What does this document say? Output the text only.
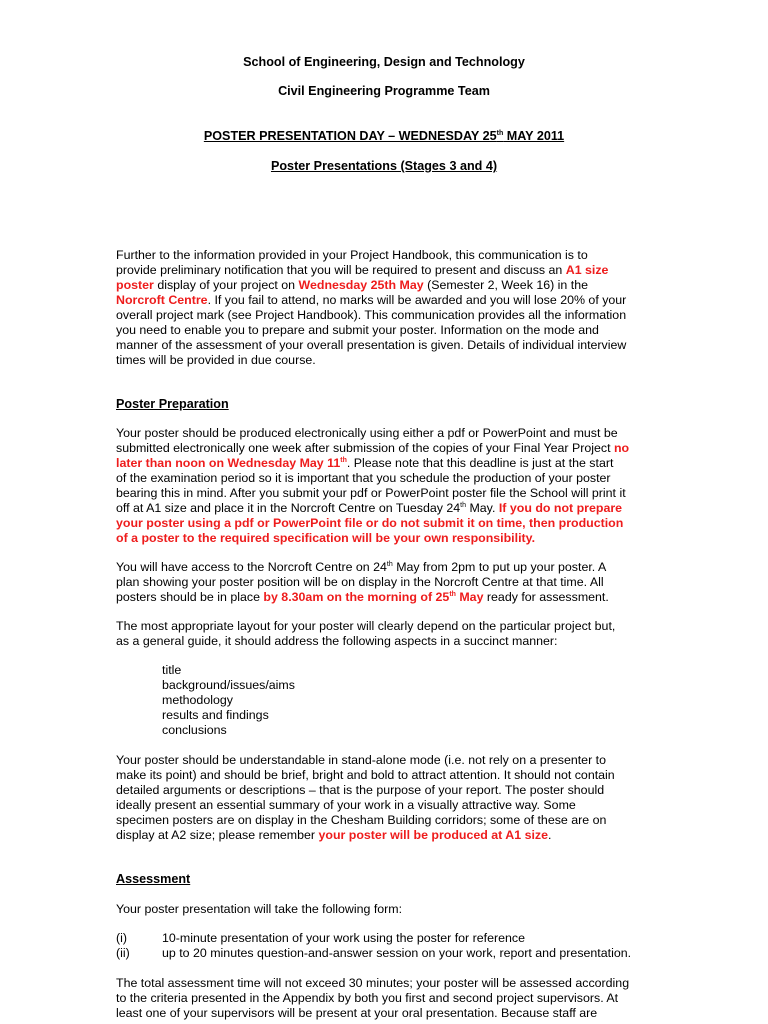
School of Engineering, Design and Technology
Civil Engineering Programme Team
POSTER PRESENTATION DAY – WEDNESDAY 25th MAY 2011
Poster Presentations (Stages 3 and 4)
Further to the information provided in your Project Handbook, this communication is to
provide preliminary notification that you will be required to present and discuss an A1 size
poster display of your project on Wednesday 25th May (Semester 2, Week 16) in the
Norcroft Centre. If you fail to attend, no marks will be awarded and you will lose 20% of your
overall project mark (see Project Handbook). This communication provides all the information
you need to enable you to prepare and submit your poster. Information on the mode and
manner of the assessment of your overall presentation is given. Details of individual interview
times will be provided in due course.
Poster Preparation
Your poster should be produced electronically using either a pdf or PowerPoint and must be
submitted electronically one week after submission of the copies of your Final Year Project no
later than noon on Wednesday May 11th. Please note that this deadline is just at the start
of the examination period so it is important that you schedule the production of your poster
bearing this in mind. After you submit your pdf or PowerPoint poster file the School will print it
off at A1 size and place it in the Norcroft Centre on Tuesday 24th May. If you do not prepare
your poster using a pdf or PowerPoint file or do not submit it on time, then production
of a poster to the required specification will be your own responsibility.
You will have access to the Norcroft Centre on 24th May from 2pm to put up your poster. A
plan showing your poster position will be on display in the Norcroft Centre at that time. All
posters should be in place by 8.30am on the morning of 25th May ready for assessment.
The most appropriate layout for your poster will clearly depend on the particular project but,
as a general guide, it should address the following aspects in a succinct manner:
title
background/issues/aims
methodology
results and findings
conclusions
Your poster should be understandable in stand-alone mode (i.e. not rely on a presenter to
make its point) and should be brief, bright and bold to attract attention. It should not contain
detailed arguments or descriptions – that is the purpose of your report. The poster should
ideally present an essential summary of your work in a visually attractive way. Some
specimen posters are on display in the Chesham Building corridors; some of these are on
display at A2 size; please remember your poster will be produced at A1 size.
Assessment
Your poster presentation will take the following form:
(i)	10-minute presentation of your work using the poster for reference
(ii)	up to 20 minutes question-and-answer session on your work, report and presentation.
The total assessment time will not exceed 30 minutes; your poster will be assessed according
to the criteria presented in the Appendix by both you first and second project supervisors. At
least one of your supervisors will be present at your oral presentation. Because staff are
